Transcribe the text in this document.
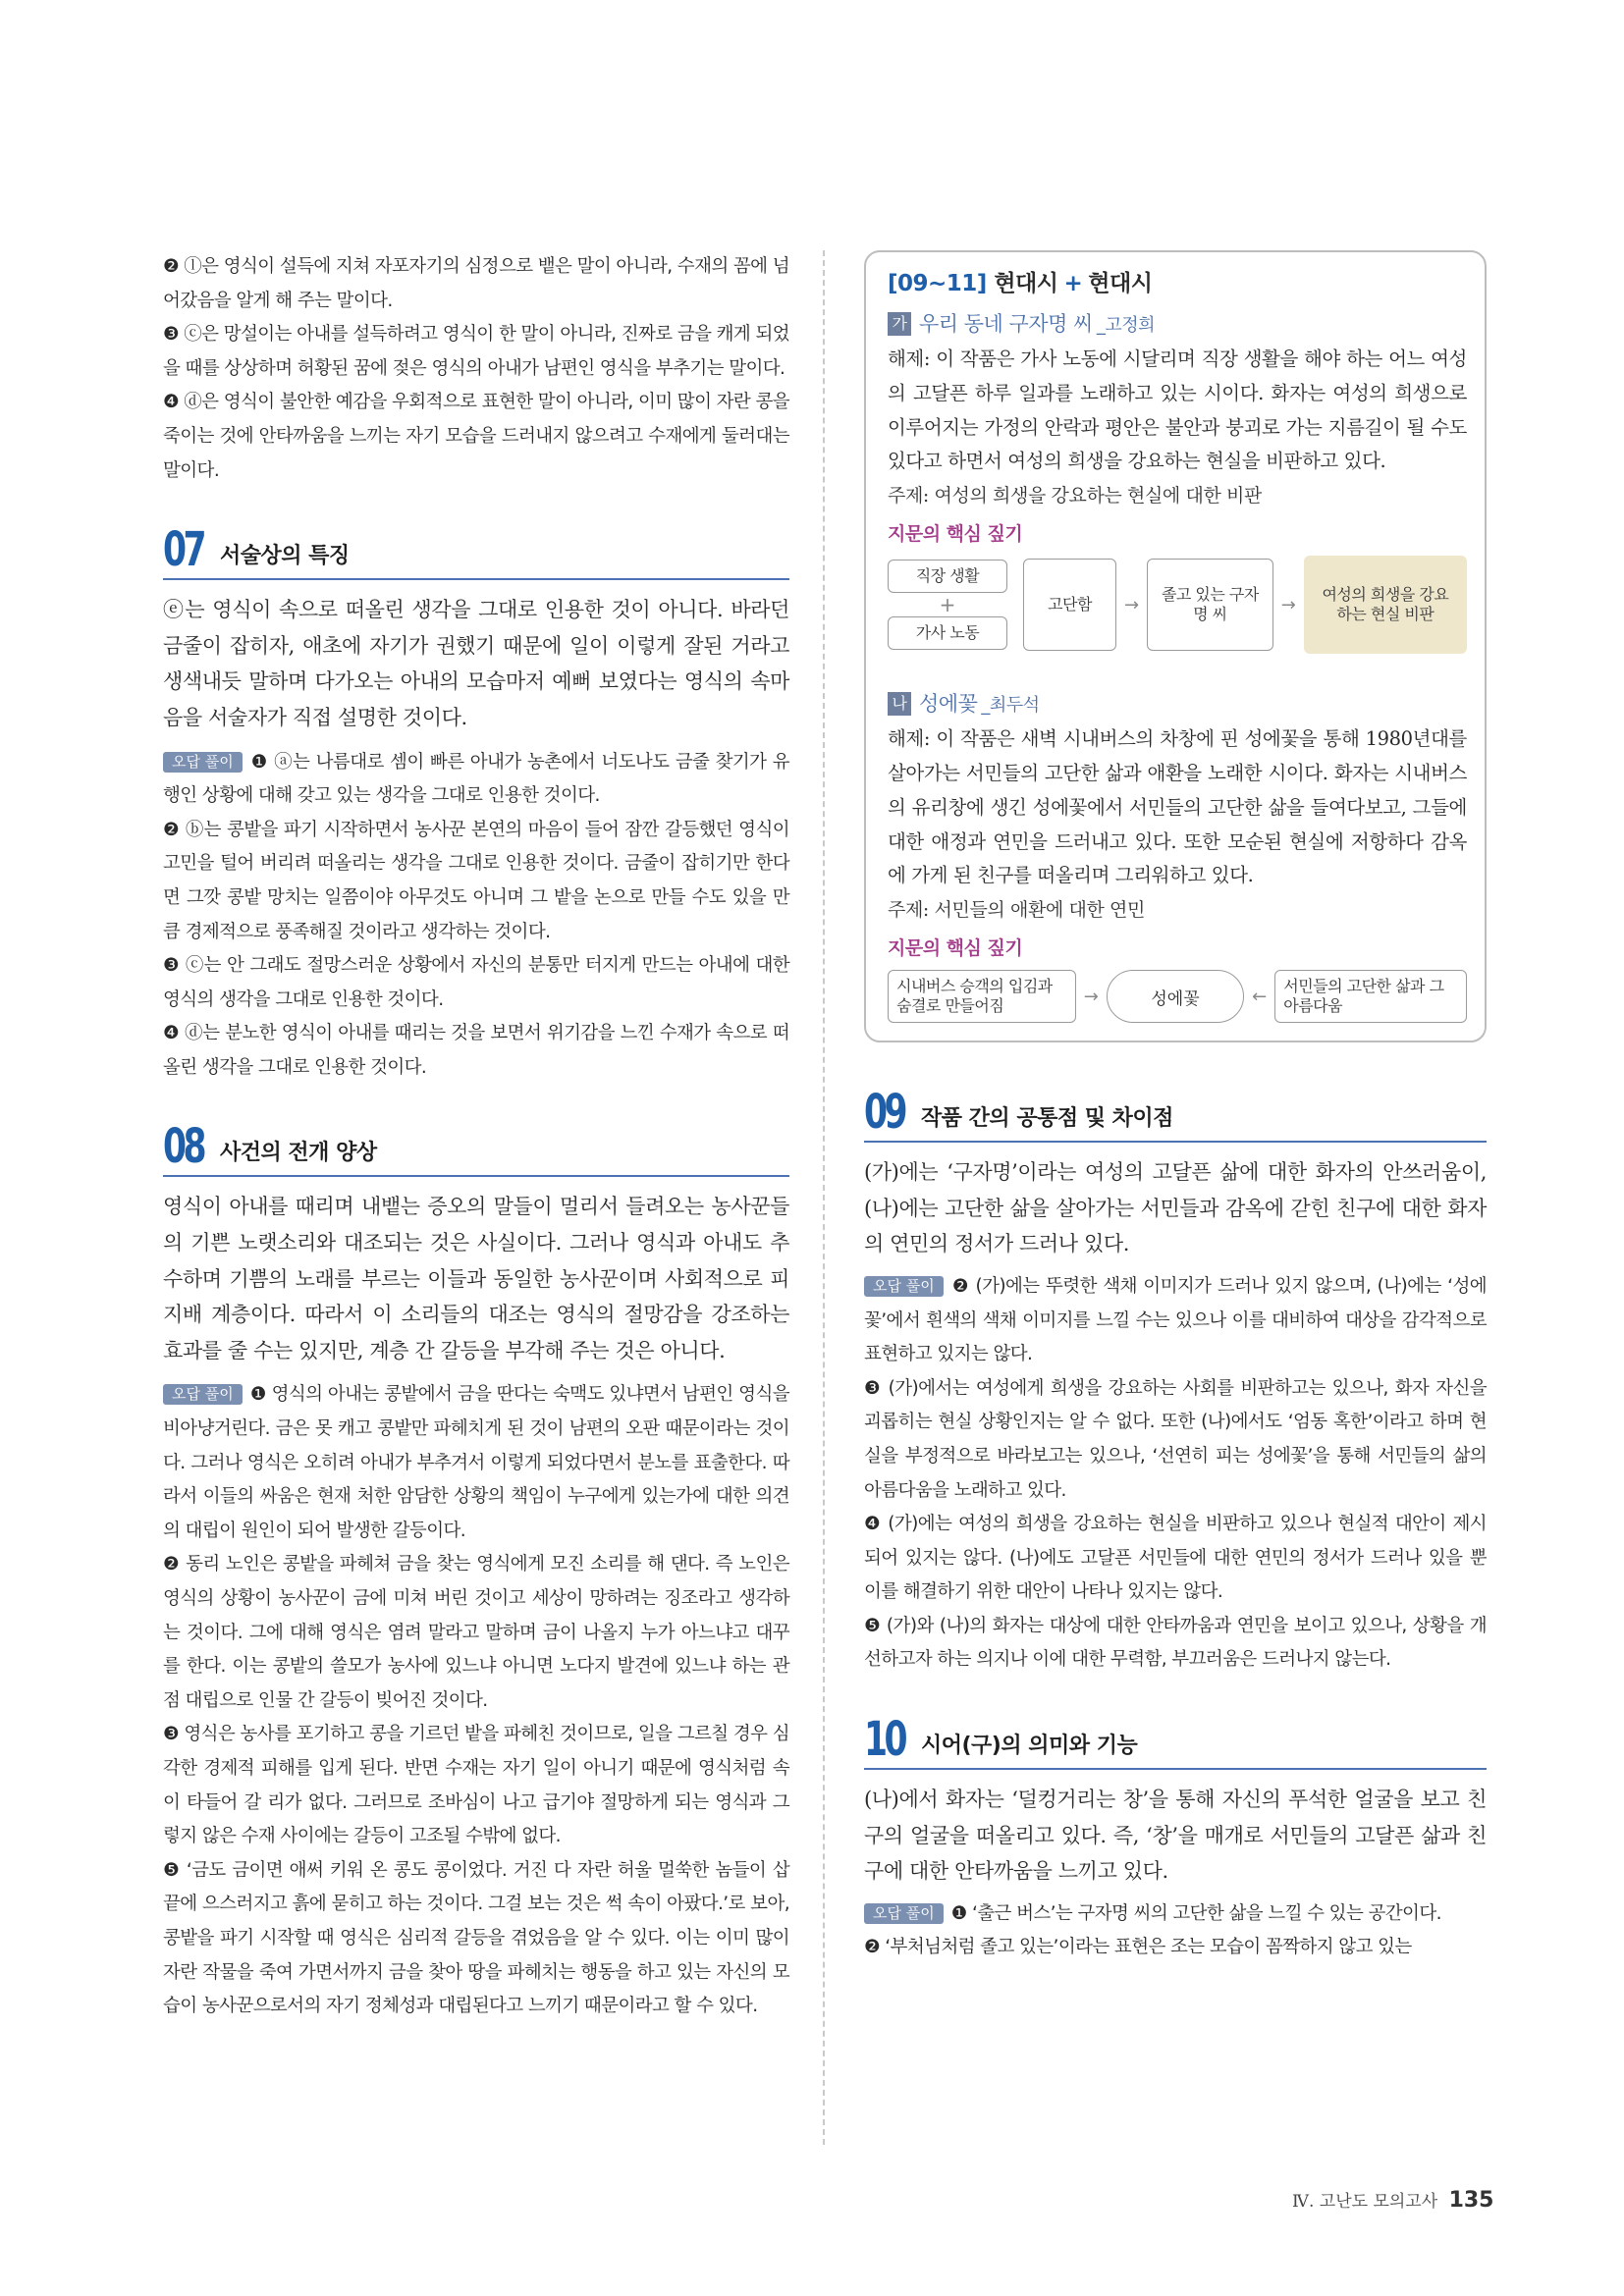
❷ ⓛ은 영식이 설득에 지쳐 자포자기의 심정으로 뱉은 말이 아니라, 수재의 꼼에 넘어갔음을 알게 해 주는 말이다.

❸ ⓒ은 망설이는 아내를 설득하려고 영식이 한 말이 아니라, 진짜로 금을 캐게 되었을 때를 상상하며 허황된 꿈에 젖은 영식의 아내가 남편인 영식을 부추기는 말이다.

❹ ⓓ은 영식이 불안한 예감을 우회적으로 표현한 말이 아니라, 이미 많이 자란 콩을 죽이는 것에 안타까움을 느끼는 자기 모습을 드러내지 않으려고 수재에게 둘러대는 말이다.

07 서술상의 특징

ⓔ는 영식이 속으로 떠올린 생각을 그대로 인용한 것이 아니다. 바라던 금줄이 잡히자, 애초에 자기가 권했기 때문에 일이 이렇게 잘된 거라고 생색내듯 말하며 다가오는 아내의 모습마저 예뻐 보였다는 영식의 속마음을 서술자가 직접 설명한 것이다.

오답 풀이 ❶ ⓐ는 나름대로 셈이 빠른 아내가 농촌에서 너도나도 금줄 찾기가 유행인 상황에 대해 갖고 있는 생각을 그대로 인용한 것이다.

❷ ⓑ는 콩밭을 파기 시작하면서 농사꾼 본연의 마음이 들어 잠깐 갈등했던 영식이 고민을 털어 버리려 떠올리는 생각을 그대로 인용한 것이다. 금줄이 잡히기만 한다면 그깟 콩밭 망치는 일쯤이야 아무것도 아니며 그 밭을 논으로 만들 수도 있을 만큼 경제적으로 풍족해질 것이라고 생각하는 것이다.

❸ ⓒ는 안 그래도 절망스러운 상황에서 자신의 분통만 터지게 만드는 아내에 대한 영식의 생각을 그대로 인용한 것이다.

❹ ⓓ는 분노한 영식이 아내를 때리는 것을 보면서 위기감을 느낀 수재가 속으로 떠올린 생각을 그대로 인용한 것이다.

08 사건의 전개 양상

영식이 아내를 때리며 내뱉는 증오의 말들이 멀리서 들려오는 농사꾼들의 기쁜 노랫소리와 대조되는 것은 사실이다. 그러나 영식과 아내도 추수하며 기쁨의 노래를 부르는 이들과 동일한 농사꾼이며 사회적으로 피지배 계층이다. 따라서 이 소리들의 대조는 영식의 절망감을 강조하는 효과를 줄 수는 있지만, 계층 간 갈등을 부각해 주는 것은 아니다.

오답 풀이 ❶ 영식의 아내는 콩밭에서 금을 딴다는 숙맥도 있냐면서 남편인 영식을 비아냥거린다. 금은 못 캐고 콩밭만 파헤치게 된 것이 남편의 오판 때문이라는 것이다. 그러나 영식은 오히려 아내가 부추겨서 이렇게 되었다면서 분노를 표출한다. 따라서 이들의 싸움은 현재 처한 암담한 상황의 책임이 누구에게 있는가에 대한 의견의 대립이 원인이 되어 발생한 갈등이다.

❷ 동리 노인은 콩밭을 파헤쳐 금을 찾는 영식에게 모진 소리를 해 댄다. 즉 노인은 영식의 상황이 농사꾼이 금에 미쳐 버린 것이고 세상이 망하려는 징조라고 생각하는 것이다. 그에 대해 영식은 염려 말라고 말하며 금이 나올지 누가 아느냐고 대꾸를 한다. 이는 콩밭의 쓸모가 농사에 있느냐 아니면 노다지 발견에 있느냐 하는 관점 대립으로 인물 간 갈등이 빚어진 것이다.

❸ 영식은 농사를 포기하고 콩을 기르던 밭을 파헤친 것이므로, 일을 그르칠 경우 심각한 경제적 피해를 입게 된다. 반면 수재는 자기 일이 아니기 때문에 영식처럼 속이 타들어 갈 리가 없다. 그러므로 조바심이 나고 급기야 절망하게 되는 영식과 그렇지 않은 수재 사이에는 갈등이 고조될 수밖에 없다.

❺ ‘금도 금이면 애써 키워 온 콩도 콩이었다. 거진 다 자란 허울 멀쑥한 놈들이 삽 끝에 으스러지고 흙에 묻히고 하는 것이다. 그걸 보는 것은 썩 속이 아팠다.’로 보아, 콩밭을 파기 시작할 때 영식은 심리적 갈등을 겪었음을 알 수 있다. 이는 이미 많이 자란 작물을 죽여 가면서까지 금을 찾아 땅을 파헤치는 행동을 하고 있는 자신의 모습이 농사꾼으로서의 자기 정체성과 대립된다고 느끼기 때문이라고 할 수 있다.

[09~11] 현대시 + 현대시
가 우리 동네 구자명 씨 _고정희

해제: 이 작품은 가사 노동에 시달리며 직장 생활을 해야 하는 어느 여성의 고달픈 하루 일과를 노래하고 있는 시이다. 화자는 여성의 희생으로 이루어지는 가정의 안락과 평안은 불안과 붕괴로 가는 지름길이 될 수도 있다고 하면서 여성의 희생을 강요하는 현실을 비판하고 있다.

주제: 여성의 희생을 강요하는 현실에 대한 비판

지문의 핵심 짚기
직장 생활
+
가사 노동
고단함	→	졸고 있는 구자명 씨	→	여성의 희생을 강요하는 현실 비판
나 성에꽃 _최두석

해제: 이 작품은 새벽 시내버스의 차창에 핀 성에꽃을 통해 1980년대를 살아가는 서민들의 고단한 삶과 애환을 노래한 시이다. 화자는 시내버스의 유리창에 생긴 성에꽃에서 서민들의 고단한 삶을 들여다보고, 그들에 대한 애정과 연민을 드러내고 있다. 또한 모순된 현실에 저항하다 감옥에 가게 된 친구를 떠올리며 그리워하고 있다.

주제: 서민들의 애환에 대한 연민

지문의 핵심 짚기
시내버스 승객의 입김과 숨결로 만들어짐	→	성에꽃	←	서민들의 고단한 삶과 그 아름다움
09 작품 간의 공통점 및 차이점

(가)에는 ‘구자명’이라는 여성의 고달픈 삶에 대한 화자의 안쓰러움이, (나)에는 고단한 삶을 살아가는 서민들과 감옥에 갇힌 친구에 대한 화자의 연민의 정서가 드러나 있다.

오답 풀이 ❷ (가)에는 뚜렷한 색채 이미지가 드러나 있지 않으며, (나)에는 ‘성에꽃’에서 흰색의 색채 이미지를 느낄 수는 있으나 이를 대비하여 대상을 감각적으로 표현하고 있지는 않다.

❸ (가)에서는 여성에게 희생을 강요하는 사회를 비판하고는 있으나, 화자 자신을 괴롭히는 현실 상황인지는 알 수 없다. 또한 (나)에서도 ‘엄동 혹한’이라고 하며 현실을 부정적으로 바라보고는 있으나, ‘선연히 피는 성에꽃’을 통해 서민들의 삶의 아름다움을 노래하고 있다.

❹ (가)에는 여성의 희생을 강요하는 현실을 비판하고 있으나 현실적 대안이 제시되어 있지는 않다. (나)에도 고달픈 서민들에 대한 연민의 정서가 드러나 있을 뿐 이를 해결하기 위한 대안이 나타나 있지는 않다.

❺ (가)와 (나)의 화자는 대상에 대한 안타까움과 연민을 보이고 있으나, 상황을 개선하고자 하는 의지나 이에 대한 무력함, 부끄러움은 드러나지 않는다.

10 시어(구)의 의미와 기능

(나)에서 화자는 ‘덜컹거리는 창’을 통해 자신의 푸석한 얼굴을 보고 친구의 얼굴을 떠올리고 있다. 즉, ‘창’을 매개로 서민들의 고달픈 삶과 친구에 대한 안타까움을 느끼고 있다.

오답 풀이 ❶ ‘출근 버스’는 구자명 씨의 고단한 삶을 느낄 수 있는 공간이다.

❷ ‘부처님처럼 졸고 있는’이라는 표현은 조는 모습이 꼼짝하지 않고 있는

Ⅳ. 고난도 모의고사 135
